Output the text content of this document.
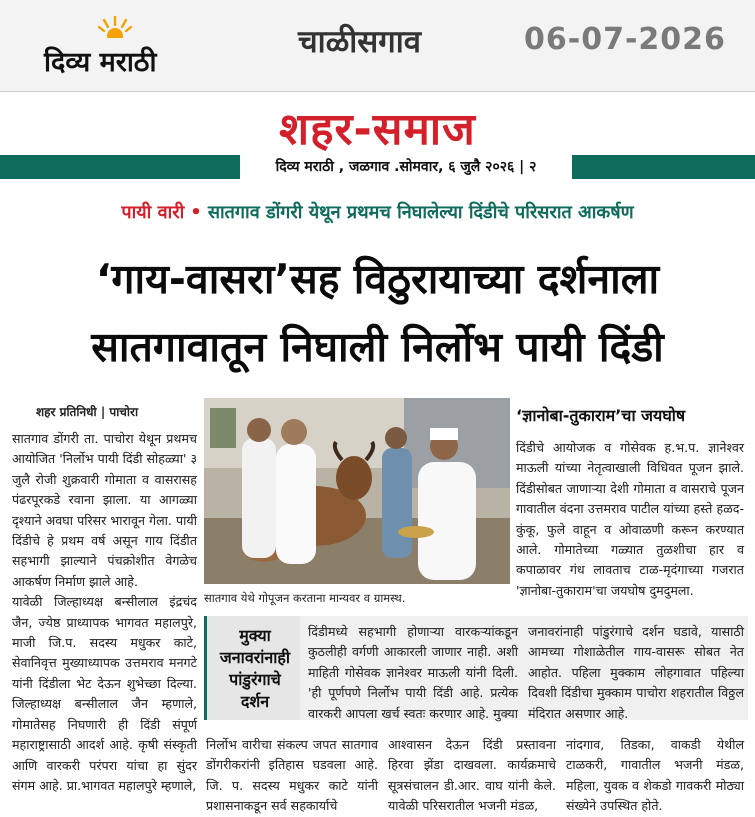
दिव्य मराठी
चाळीसगाव	06-07-2026
शहर-समाज
दिव्य मराठी , जळगाव .सोमवार, ६ जुलै २०२६ | २
पायी वारी • सातगाव डोंगरी येथून प्रथमच निघालेल्या दिंडीचे परिसरात आकर्षण
‘गाय-वासरा’सह विठुरायाच्या दर्शनाला
सातगावातून निघाली निर्लोभ पायी दिंडी
शहर प्रतिनिधी | पाचोरा

सातगाव डोंगरी ता. पाचोरा येथून प्रथमच आयोजित 'निर्लोभ पायी दिंडी सोहळ्या' ३ जुलै रोजी शुक्रवारी गोमाता व वासरासह पंढरपूरकडे रवाना झाला. या आगळ्या दृश्याने अवघा परिसर भारावून गेला. पायी दिंडीचे हे प्रथम वर्ष असून गाय दिंडीत सहभागी झाल्याने पंचक्रोशीत वेगळेच आकर्षण निर्माण झाले आहे.

यावेळी जिल्हाध्यक्ष बन्सीलाल इंद्रचंद जैन, ज्येष्ठ प्राध्यापक भागवत महालपुरे, माजी जि.प. सदस्य मधुकर काटे, सेवानिवृत्त मुख्याध्यापक उत्तमराव मनगटे यांनी दिंडीला भेट देऊन शुभेच्छा दिल्या. जिल्हाध्यक्ष बन्सीलाल जैन म्हणाले, गोमातेसह निघणारी ही दिंडी संपूर्ण महाराष्ट्रासाठी आदर्श आहे. कृषी संस्कृती आणि वारकरी परंपरा यांचा हा सुंदर संगम आहे. प्रा.भागवत महालपुरे म्हणाले,

सातगाव येथे गोपूजन करताना मान्यवर व ग्रामस्थ.
‘ज्ञानोबा-तुकाराम’चा जयघोष
दिंडीचे आयोजक व गोसेवक ह.भ.प. ज्ञानेश्वर माऊली यांच्या नेतृत्वाखाली विधिवत पूजन झाले. दिंडीसोबत जाणाऱ्या देशी गोमाता व वासराचे पूजन गावातील वंदना उत्तमराव पाटील यांच्या हस्ते हळद-कुंकू, फुले वाहून व ओवाळणी करून करण्यात आले. गोमातेच्या गळ्यात तुळशीचा हार व कपाळावर गंध लावताच टाळ-मृदंगाच्या गजरात 'ज्ञानोबा-तुकाराम'चा जयघोष दुमदुमला.
मुक्या
जनावरांनाही
पांडुरंगाचे
दर्शन
दिंडीमध्ये सहभागी होणाऱ्या वारकऱ्यांकडून कुठलीही वर्गणी आकारली जाणार नाही. अशी माहिती गोसेवक ज्ञानेश्वर माऊली यांनी दिली. 'ही पूर्णपणे निर्लोभ पायी दिंडी आहे. प्रत्येक वारकरी आपला खर्च स्वतः करणार आहे. मुक्या
जनावरांनाही पांडुरंगाचे दर्शन घडावे, यासाठी आमच्या गोशाळेतील गाय-वासरू सोबत नेत आहोत. पहिला मुक्काम लोहगावात पहिल्या दिवशी दिंडीचा मुक्काम पाचोरा शहरातील विठ्ठल मंदिरात असणार आहे.
निर्लोभ वारीचा संकल्प जपत सातगाव डोंगरीकरांनी इतिहास घडवला आहे. जि. प. सदस्य मधुकर काटे यांनी प्रशासनाकडून सर्व सहकार्याचे
आश्वासन देऊन दिंडी प्रस्तावना हिरवा झेंडा दाखवला. कार्यक्रमाचे सूत्रसंचालन डी.आर. वाघ यांनी केले. यावेळी परिसरातील भजनी मंडळ,
नांदगाव, तिडका, वाकडी येथील टाळकरी, गावातील भजनी मंडळ, महिला, युवक व शेकडो गावकरी मोठ्या संख्येने उपस्थित होते.
